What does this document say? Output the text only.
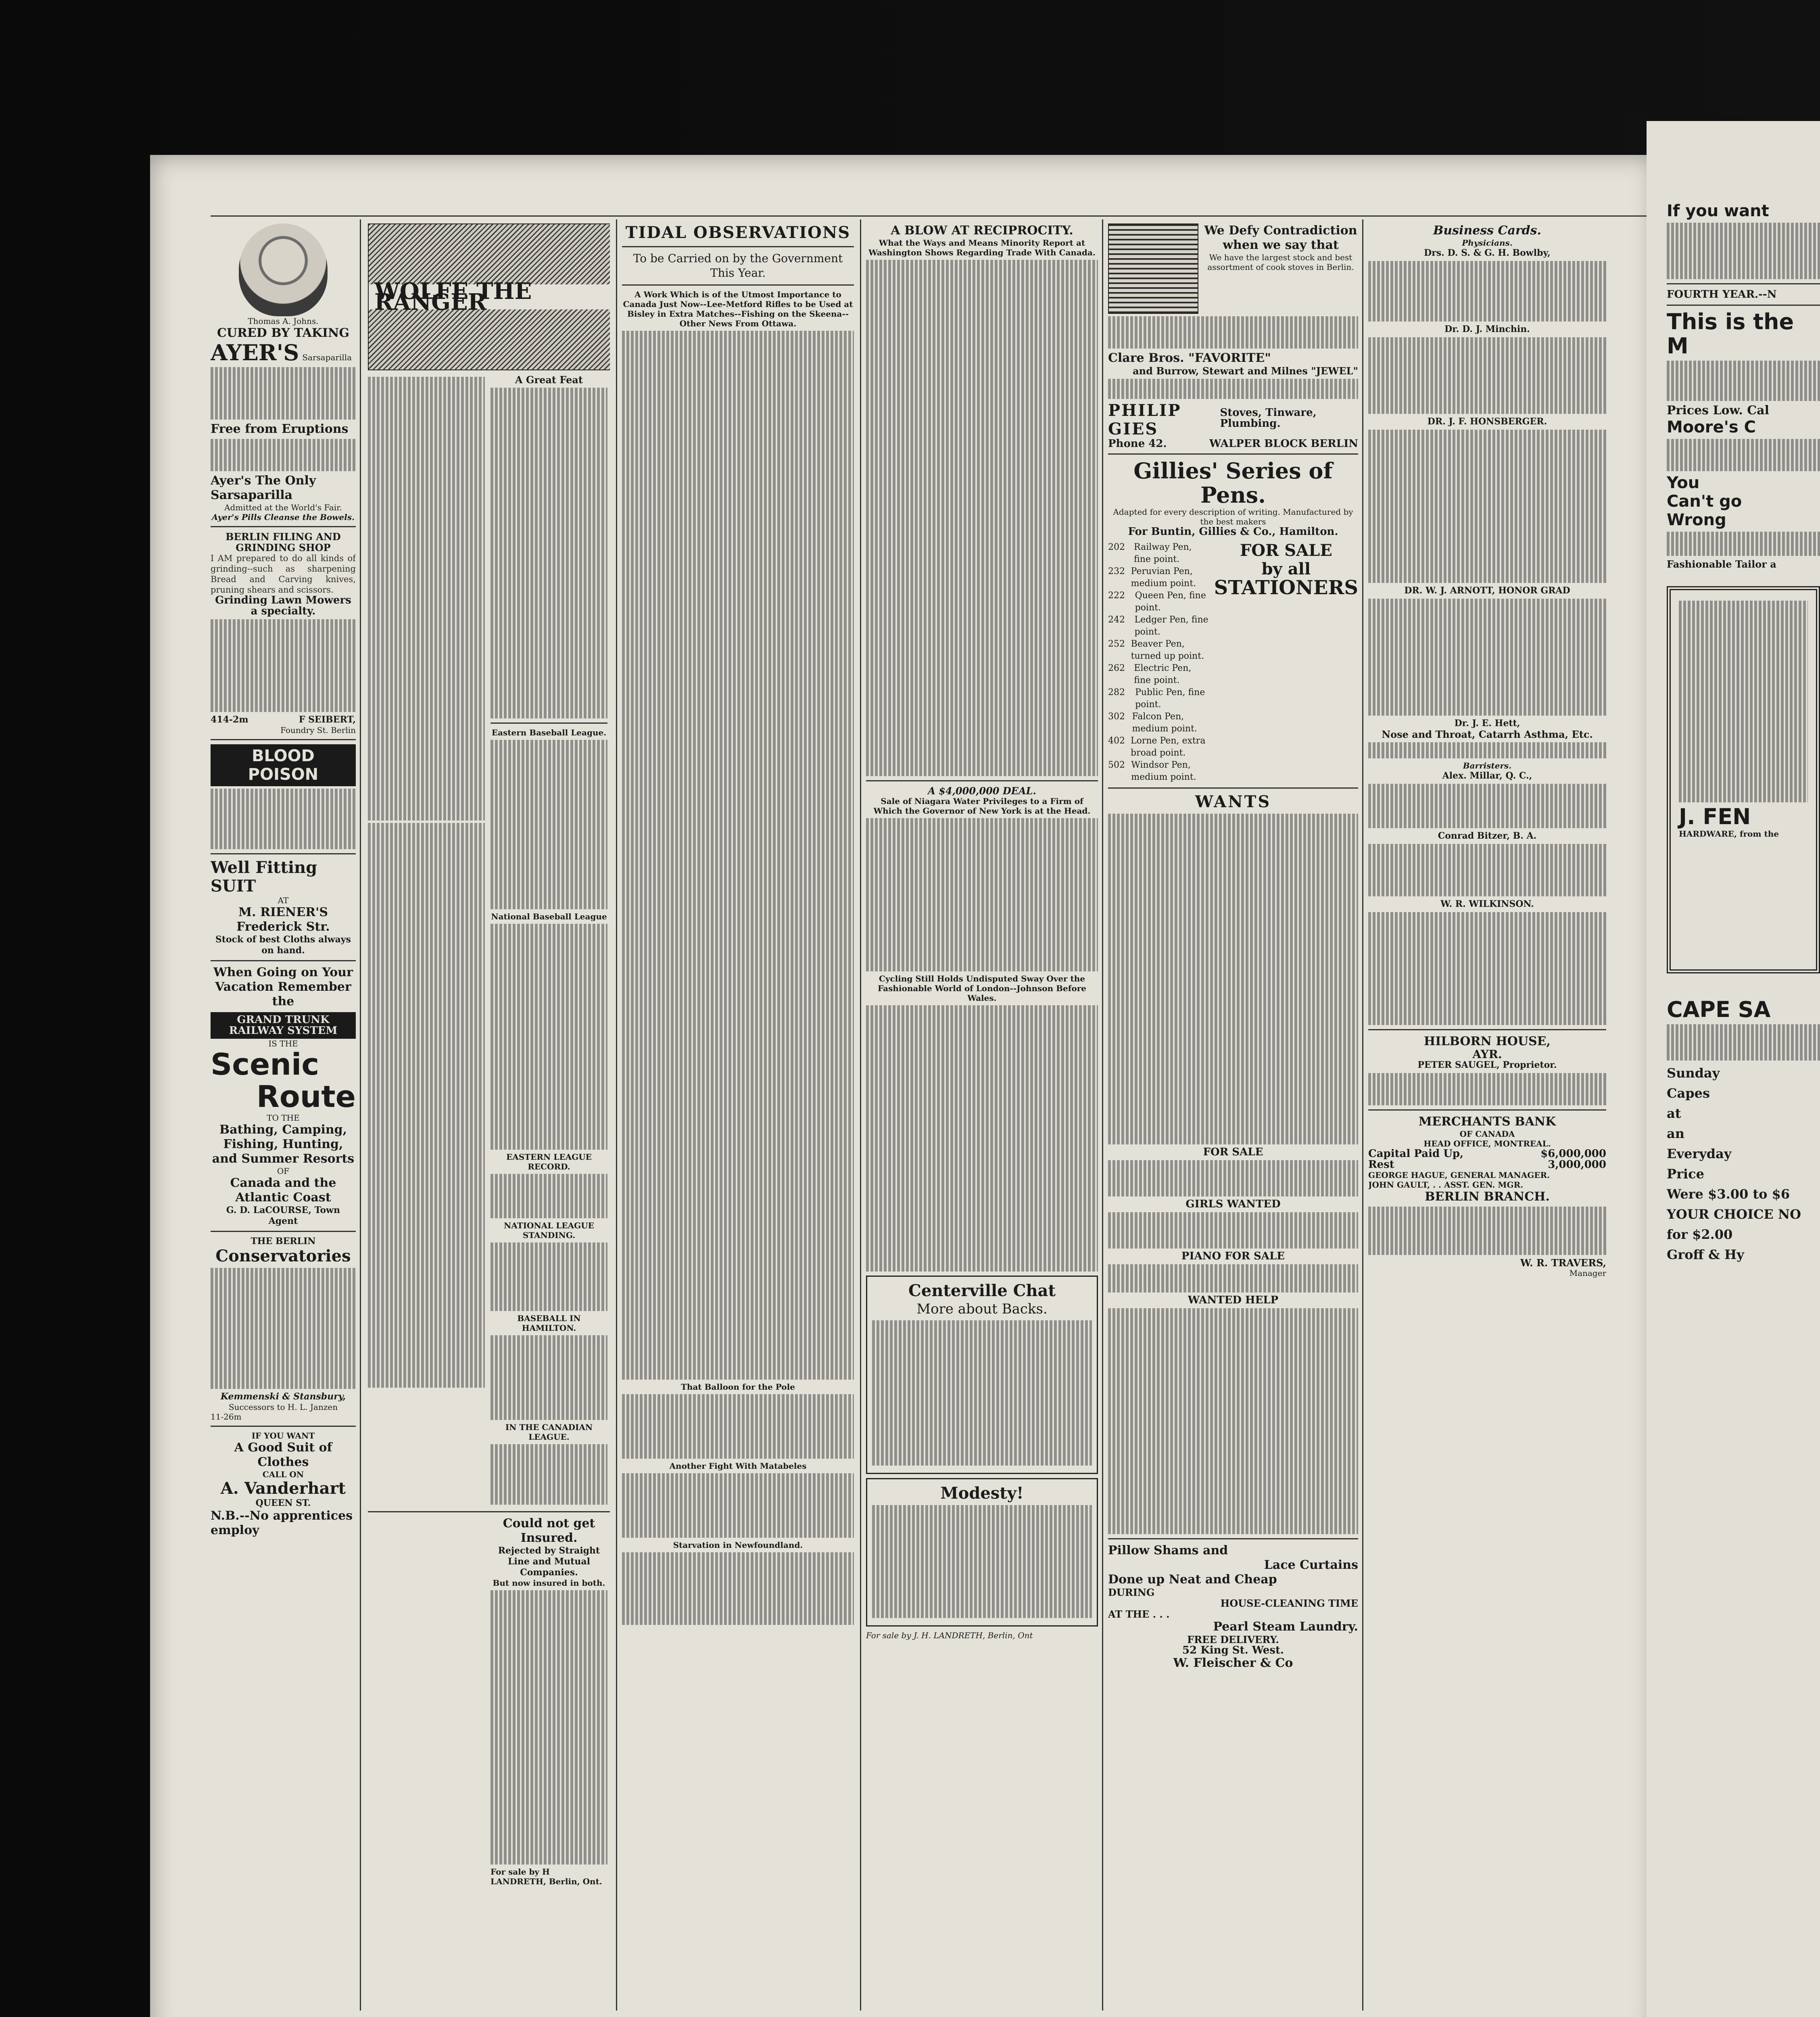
Thomas A. Johns.
CURED BY TAKING
AYER'S Sarsaparilla
Free from Eruptions
Ayer's The Only Sarsaparilla
Admitted at the World's Fair.
Ayer's Pills Cleanse the Bowels.
BERLIN FILING AND GRINDING SHOP
I AM prepared to do all kinds of grinding--such as sharpening Bread and Carving knives, pruning shears and scissors.
Grinding Lawn Mowers a specialty.
414-2m	F SEIBERT,
Foundry St. Berlin
BLOOD POISON
Well Fitting SUIT
AT
M. RIENER'S
Frederick Str.
Stock of best Cloths always on hand.
When Going on Your Vacation Remember the
GRAND TRUNK RAILWAY SYSTEM
IS THE
Scenic
Route
TO THE
Bathing, Camping, Fishing, Hunting, and Summer Resorts
OF
Canada and the Atlantic Coast
G. D. LaCOURSE, Town Agent
THE BERLIN
Conservatories
Kemmenski & Stansbury,
Successors to H. L. Janzen
11-26m
IF YOU WANT
A Good Suit of Clothes
CALL ON
A. Vanderhart
QUEEN ST.
N.B.--No apprentices employ
WOLFE THE RANGER
A Great Feat
Eastern Baseball League.
National Baseball League
EASTERN LEAGUE RECORD.
NATIONAL LEAGUE STANDING.
BASEBALL IN HAMILTON.
IN THE CANADIAN LEAGUE.
Could not get Insured.
Rejected by Straight Line and Mutual Companies.
But now insured in both.
For sale by H LANDRETH, Berlin, Ont.
TIDAL OBSERVATIONS
To be Carried on by the Government This Year.
A Work Which is of the Utmost Importance to Canada Just Now--Lee-Metford Rifles to be Used at Bisley in Extra Matches--Fishing on the Skeena--Other News From Ottawa.
That Balloon for the Pole
Another Fight With Matabeles
Starvation in Newfoundland.
A BLOW AT RECIPROCITY.
What the Ways and Means Minority Report at Washington Shows Regarding Trade With Canada.
A $4,000,000 DEAL.
Sale of Niagara Water Privileges to a Firm of Which the Governor of New York is at the Head.
Cycling Still Holds Undisputed Sway Over the Fashionable World of London--Johnson Before Wales.
Centerville Chat
More about Backs.
Modesty!
For sale by J. H. LANDRETH, Berlin, Ont
We Defy Contradiction when we say that
We have the largest stock and best assortment of cook stoves in Berlin.
Clare Bros. "FAVORITE"
and Burrow, Stewart and Milnes "JEWEL"
PHILIP GIES
Stoves, Tinware, Plumbing.
Phone 42.	WALPER BLOCK BERLIN
Gillies' Series of Pens.
Adapted for every description of writing. Manufactured by the best makers
For Buntin, Gillies & Co., Hamilton.
202	Railway Pen, fine point.
232 Peruvian Pen, medium point.
222	Queen Pen, fine point.
242	Ledger Pen, fine point.
252 Beaver Pen, turned up point.
262	Electric Pen, fine point.
282	Public Pen, fine point.
302 Falcon Pen, medium point.
402 Lorne Pen, extra broad point.
502 Windsor Pen, medium point.
FOR SALE
by all
STATIONERS
WANTS
FOR SALE
GIRLS WANTED
PIANO FOR SALE
WANTED HELP
Pillow Shams and
Lace Curtains
Done up Neat and Cheap
DURING
HOUSE-CLEANING TIME
AT THE . . .
Pearl Steam Laundry.
FREE DELIVERY.
52 King St. West.
W. Fleischer & Co
Business Cards.
Physicians.
Drs. D. S. & G. H. Bowlby,
Dr. D. J. Minchin.
DR. J. F. HONSBERGER.
DR. W. J. ARNOTT, HONOR GRAD
Dr. J. E. Hett,
Nose and Throat, Catarrh Asthma, Etc.
Barristers.
Alex. Millar, Q. C.,
Conrad Bitzer, B. A.
W. R. WILKINSON.
HILBORN HOUSE,
AYR.
PETER SAUGEL, Proprietor.
MERCHANTS BANK
OF CANADA
HEAD OFFICE, MONTREAL.
Capital Paid Up,	$6,000,000
Rest	3,000,000
GEORGE HAGUE, GENERAL MANAGER.
JOHN GAULT, . . ASST. GEN. MGR.
BERLIN BRANCH.
W. R. TRAVERS,
Manager
If you want
FOURTH YEAR.--N
This is the M
Prices Low. Cal
Moore's C
You Can't go Wrong
Fashionable Tailor a
J. FEN
HARDWARE, from the
CAPE SA
Sunday
Capes
at
an
Everyday
Price
Were $3.00 to $6
YOUR CHOICE NO
for $2.00
Groff & Hy
